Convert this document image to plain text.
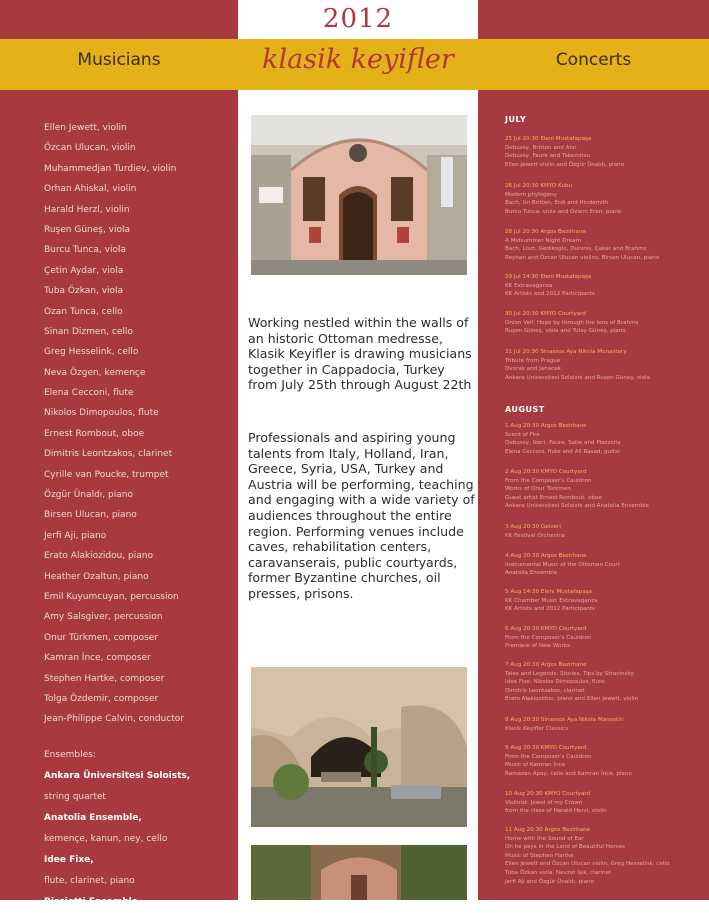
2012
klasik keyifler
Musicians	Concerts
Ellen Jewett, violin
Özcan Ulucan, violin
Muhammedjan Turdiev, violin
Orhan Ahiskal, violin
Harald Herzl, violin
Ruşen Güneş, viola
Burcu Tunca, viola
Çetin Aydar, viola
Tuba Özkan, viola
Ozan Tunca, cello
Sinan Dizmen, cello
Greg Hesselink, cello
Neva Özgen, kemençe
Elena Cecconi, flute
Nikolos Dimopoulos, flute
Ernest Rombout, oboe
Dimitris Leontzakos, clarinet
Cyrille van Poucke, trumpet
Özgür Ünaldı, piano
Birsen Ulucan, piano
Jerfi Aji, piano
Erato Alakiozidou, piano
Heather Ozaltun, piano
Emil Kuyumcuyan, percussion
Amy Salsgiver, percussion
Onur Türkmen, composer
Kamran İnce, composer
Stephen Hartke, composer
Tolga Özdemir, composer
Jean-Philippe Calvin, conductor
Ensembles:
Ankara Üniversitesi Soloists,
string quartet
Anatolia Ensemble,
kemençe, kanun, ney, cello
Idee Fixe,
flute, clarinet, piano
Rissiotti Ensemble
Working nestled within the walls of an historic Ottoman medresse, Klasik Keyifler is drawing musicians together in Cappadocia, Turkey from July 25th through August 22th
Professionals and aspiring young talents from Italy, Holland, Iran, Greece, Syria, USA, Turkey and Austria will be performing, teaching and engaging with a wide variety of audiences throughout the entire region. Performing venues include caves, rehabilitation centers, caravanserais, public courtyards, former Byzantine churches, oil presses, prisons.
JULY
25 Jul 20:30 Eleni Mustafapaşa
Debussy, Britten and Ahn
Debussy, Faure and Takemitsu
Ellen Jewett violin and Özgür Ünaldı, piano
26 Jul 20:30 KMYO Kubu
Modern phylogeny
Bach, Un Britten, Erdi and Hindemith
Burcu Tunca, viola and Ozlem Eren, piano
28 Jul 20:30 Argos Bezirhane
A Midsummer Night Dream
Bach, Liszt, Gedikoglu, Duninis, Çakar and Brahms
Reyhan and Özcan Ulucan violins, Birsen Ulucan, piano
29 Jul 14:30 Eleni Mustafapaşa
KK Extravaganza
KK Artists and 2012 Participants
30 Jul 20:30 KMYO Courtyard
Onion Veil: Hope by through the lens of Brahms
Ruşen Güneş, viola and Tulay Güneş, piano
31 Jul 20:30 Sinassos Aya Nikola Monastery
Tribute from Prague
Dvorak and Janacek
Ankara Universitesi Soloists and Ruşen Güneş, viola
AUGUST
1 Aug 20:30 Argos Bezirhane
Scent of Fire
Debussy, Ibert, Faure, Satie and Piazzolla
Elena Cecconi, flute and Ali Rasad, guitar
2 Aug 20:30 KMYO Courtyard
From the Composer's Cauldron
Works of Onur Türkmen
Guest artist Ernest Rombout, oboe
Ankara Universitesi Soloists and Anatolia Ensemble
3 Aug 20:30 Gelveri
KK Festival Orchestra
4 Aug 20:30 Argos Bezirhane
Instrumental Music of the Ottoman Court
Anatolia Ensemble
5 Aug 14:30 Eleni Mustafapaşa
KK Chamber Music Extravaganza
KK Artists and 2012 Participants
6 Aug 20:30 KMYO Courtyard
From the Composer's Cauldron
Premiere of New Works
7 Aug 20:30 Argos Bezirhane
Tales and Legends: Stories, Tips by Stravinsky
Idee Fixe: Nikolos Dimopoulos, flute
Dimitris Leontzakos, clarinet
Erato Alakiozidou, piano and Ellen Jewett, violin
8 Aug 20:30 Sinassos Aya Nikola Manastiri
Klasik Keyifler Classics
9 Aug 20:30 KMYO Courtyard
From the Composer's Cauldron
Music of Kamran İnce
Ramazan Apay, cello and Kamran İnce, piano
10 Aug 20:30 KMYO Courtyard
Violinist: Jewel of my Crown
from the class of Harald Herzl, violin
11 Aug 20:30 Argos Bezirhane
Home with the Sound of Ear
On he pays in the Land of Beautiful Horses
Music of Stephen Hartke
Ellen Jewett and Özcan Ulucan violin, Greg Hesselink, cello
Tuba Özkan viola, Nevzat Işık, clarinet
Jerfi Aji and Özgür Ünaldı, piano
